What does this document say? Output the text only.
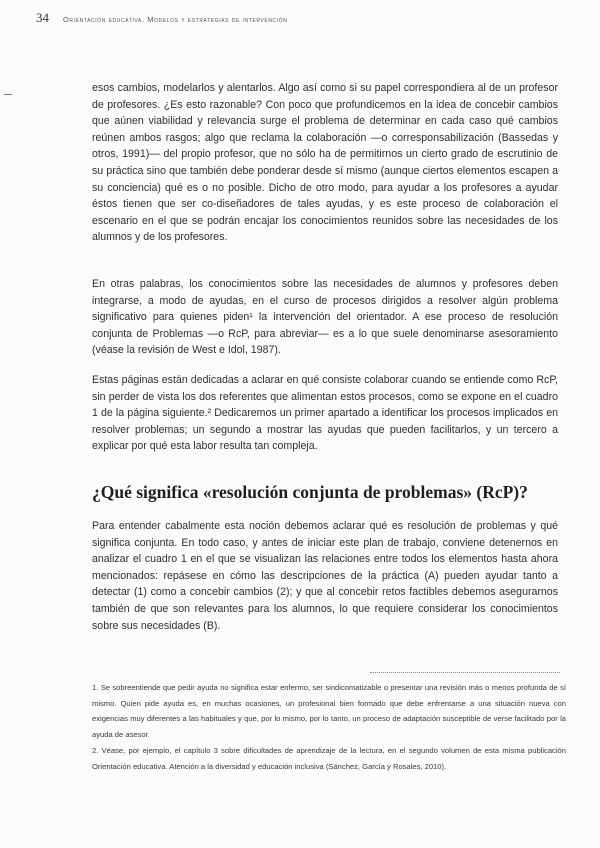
34 Orientación educativa. Modelos y estrategias de intervención

esos cambios, modelarlos y alentarlos. Algo así como si su papel correspondiera al de un profesor de profesores. ¿Es esto razonable? Con poco que profundicemos en la idea de concebir cambios que aúnen viabilidad y relevancia surge el problema de determinar en cada caso qué cambios reúnen ambos rasgos; algo que reclama la colaboración —o corresponsabilización (Bassedas y otros, 1991)— del propio profesor, que no sólo ha de permitirnos un cierto grado de escrutinio de su práctica sino que también debe ponderar desde sí mismo (aunque ciertos elementos escapen a su conciencia) qué es o no posible. Dicho de otro modo, para ayudar a los profesores a ayudar éstos tienen que ser co-diseñadores de tales ayudas, y es este proceso de colaboración el escenario en el que se podrán encajar los conocimientos reunidos sobre las necesidades de los alumnos y de los profesores.

En otras palabras, los conocimientos sobre las necesidades de alumnos y profesores deben integrarse, a modo de ayudas, en el curso de procesos dirigidos a resolver algún problema significativo para quienes piden¹ la intervención del orientador. A ese proceso de resolución conjunta de Problemas —o RcP, para abreviar— es a lo que suele denominarse asesoramiento (véase la revisión de West e Idol, 1987).

Estas páginas están dedicadas a aclarar en qué consiste colaborar cuando se entiende como RcP, sin perder de vista los dos referentes que alimentan estos procesos, como se expone en el cuadro 1 de la página siguiente.² Dedicaremos un primer apartado a identificar los procesos implicados en resolver problemas; un segundo a mostrar las ayudas que pueden facilitarlos, y un tercero a explicar por qué esta labor resulta tan compleja.

¿Qué significa «resolución conjunta de problemas» (RcP)?

Para entender cabalmente esta noción debemos aclarar qué es resolución de problemas y qué significa conjunta. En todo caso, y antes de iniciar este plan de trabajo, conviene detenernos en analizar el cuadro 1 en el que se visualizan las relaciones entre todos los elementos hasta ahora mencionados: repásese en cómo las descripciones de la práctica (A) pueden ayudar tanto a detectar (1) como a concebir cambios (2); y que al concebir retos factibles debemos asegurarnos también de que son relevantes para los alumnos, lo que requiere considerar los conocimientos sobre sus necesidades (B).

1. Se sobreentiende que pedir ayuda no significa estar enfermo, ser sindicomatizable o presentar una revisión más o menos profunda de sí mismo. Quien pide ayuda es, en muchas ocasiones, un profesional bien formado que debe enfrentarse a una situación nueva con exigencias muy diferentes a las habituales y que, por lo mismo, por lo tanto, un proceso de adaptación susceptible de verse facilitado por la ayuda de asesor.

2. Véase, por ejemplo, el capítulo 3 sobre dificultades de aprendizaje de la lectura, en el segundo volumen de esta misma publicación Orientación educativa. Atención a la diversidad y educación inclusiva (Sánchez, García y Rosales, 2010).
